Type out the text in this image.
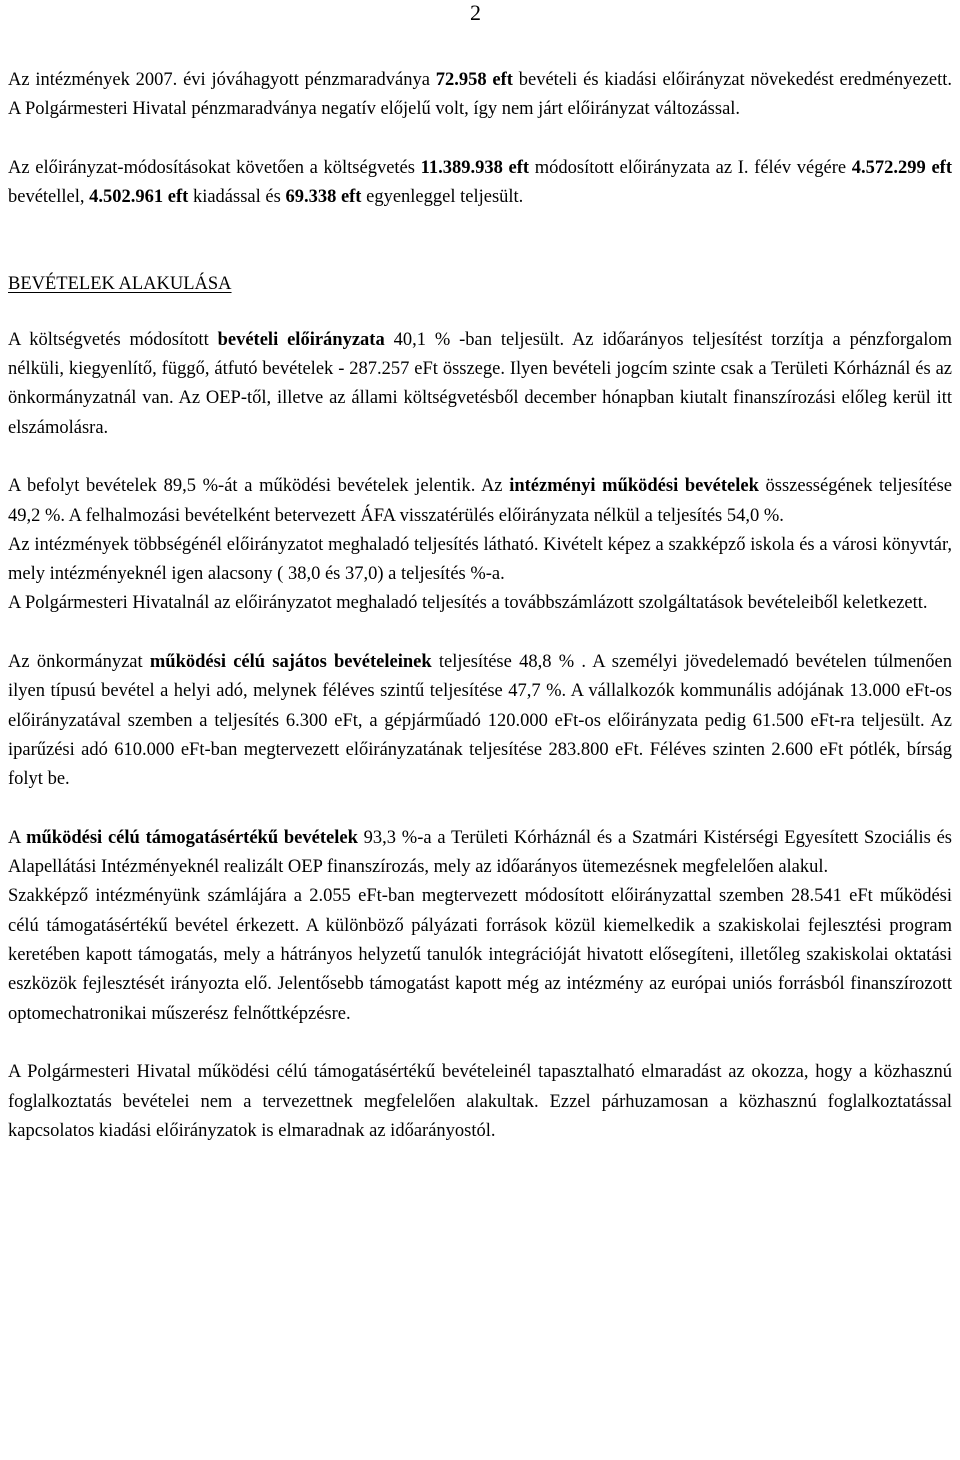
2

Az intézmények 2007. évi jóváhagyott pénzmaradványa 72.958 eft bevételi és kiadási előirányzat növekedést eredményezett. A Polgármesteri Hivatal pénzmaradványa negatív előjelű volt, így nem járt előirányzat változással.

Az előirányzat-módosításokat követően a költségvetés 11.389.938 eft módosított előirányzata az I. félév végére 4.572.299 eft bevétellel, 4.502.961 eft kiadással és 69.338 eft egyenleggel teljesült.

BEVÉTELEK ALAKULÁSA

A költségvetés módosított bevételi előirányzata 40,1 % -ban teljesült. Az időarányos teljesítést torzítja a pénzforgalom nélküli, kiegyenlítő, függő, átfutó bevételek - 287.257 eFt összege. Ilyen bevételi jogcím szinte csak a Területi Kórháznál és az önkormányzatnál van. Az OEP-től, illetve az állami költségvetésből december hónapban kiutalt finanszírozási előleg kerül itt elszámolásra.

A befolyt bevételek 89,5 %-át a működési bevételek jelentik. Az intézményi működési bevételek összességének teljesítése 49,2 %. A felhalmozási bevételként betervezett ÁFA visszatérülés előirányzata nélkül a teljesítés 54,0 %.

Az intézmények többségénél előirányzatot meghaladó teljesítés látható. Kivételt képez a szakképző iskola és a városi könyvtár, mely intézményeknél igen alacsony ( 38,0 és 37,0) a teljesítés %-a.

A Polgármesteri Hivatalnál az előirányzatot meghaladó teljesítés a továbbszámlázott szolgáltatások bevételeiből keletkezett.

Az önkormányzat működési célú sajátos bevételeinek teljesítése 48,8 % . A személyi jövedelemadó bevételen túlmenően ilyen típusú bevétel a helyi adó, melynek féléves szintű teljesítése 47,7 %. A vállalkozók kommunális adójának 13.000 eFt-os előirányzatával szemben a teljesítés 6.300 eFt, a gépjárműadó 120.000 eFt-os előirányzata pedig 61.500 eFt-ra teljesült. Az iparűzési adó 610.000 eFt-ban megtervezett előirányzatának teljesítése 283.800 eFt. Féléves szinten 2.600 eFt pótlék, bírság folyt be.

A működési célú támogatásértékű bevételek 93,3 %-a a Területi Kórháznál és a Szatmári Kistérségi Egyesített Szociális és Alapellátási Intézményeknél realizált OEP finanszírozás, mely az időarányos ütemezésnek megfelelően alakul.

Szakképző intézményünk számlájára a 2.055 eFt-ban megtervezett módosított előirányzattal szemben 28.541 eFt működési célú támogatásértékű bevétel érkezett. A különböző pályázati források közül kiemelkedik a szakiskolai fejlesztési program keretében kapott támogatás, mely a hátrányos helyzetű tanulók integrációját hivatott elősegíteni, illetőleg szakiskolai oktatási eszközök fejlesztését irányozta elő. Jelentősebb támogatást kapott még az intézmény az európai uniós forrásból finanszírozott optomechatronikai műszerész felnőttképzésre.

A Polgármesteri Hivatal működési célú támogatásértékű bevételeinél tapasztalható elmaradást az okozza, hogy a közhasznú foglalkoztatás bevételei nem a tervezettnek megfelelően alakultak. Ezzel párhuzamosan a közhasznú foglalkoztatással kapcsolatos kiadási előirányzatok is elmaradnak az időarányostól.
